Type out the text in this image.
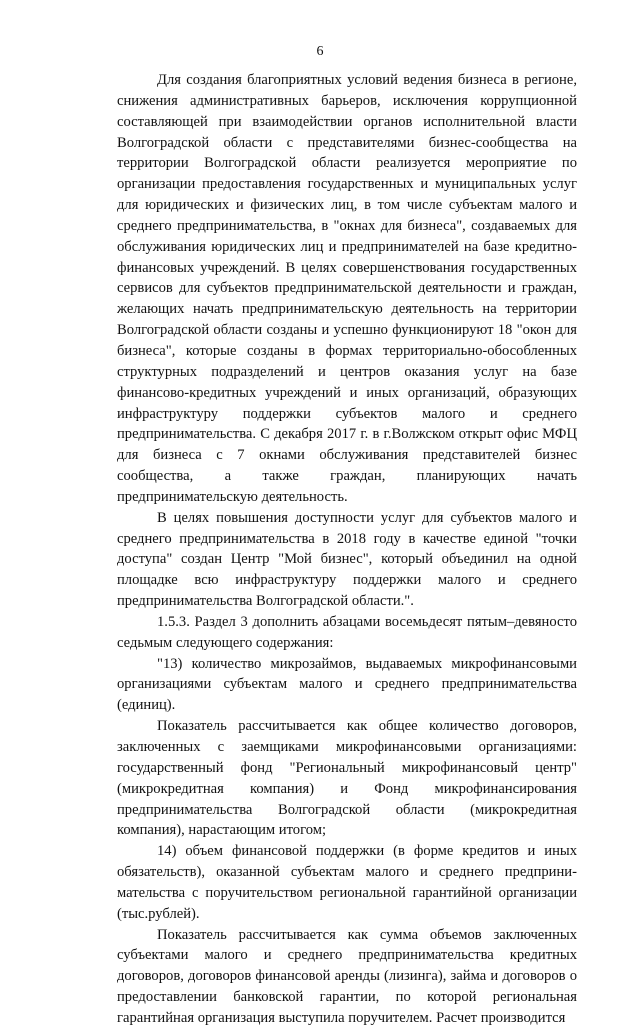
6

Для создания благоприятных условий ведения бизнеса в регионе, снижения административных барьеров, исключения коррупционной составляющей при взаимодействии органов исполнительной власти Волгоградской области с представителями бизнес-сообщества на территории Волгоградской области реализуется мероприятие по организации предоставления государственных и муниципальных услуг для юридических и физических лиц, в том числе субъектам малого и среднего предпринимательства, в "окнах для бизнеса", создаваемых для обслуживания юридических лиц и предпринимателей на базе кредитно-финансовых учреждений. В целях совершенствования государственных сервисов для субъектов предпринимательской деятельности и граждан, желающих начать предпринимательскую деятельность на территории Волгоградской области созданы и успешно функционируют 18 "окон для бизнеса", которые созданы в формах территориально-обособленных структурных подразделений и центров оказания услуг на базе финансово-кредитных учреждений и иных организаций, образующих инфраструктуру поддержки субъектов малого и среднего предпринимательства. С декабря 2017 г. в г.Волжском открыт офис МФЦ для бизнеса с 7 окнами обслуживания представителей бизнес сообщества, а также граждан, планирующих начать предпринимательскую деятельность.

В целях повышения доступности услуг для субъектов малого и среднего предпринимательства в 2018 году в качестве единой "точки доступа" создан Центр "Мой бизнес", который объединил на одной площадке всю инфраструктуру поддержки малого и среднего предпринимательства Волгоградской области.".

1.5.3. Раздел 3 дополнить абзацами восемьдесят пятым–девяносто седьмым следующего содержания:

"13) количество микрозаймов, выдаваемых микрофинансовыми организациями субъектам малого и среднего предпринимательства (единиц).

Показатель рассчитывается как общее количество договоров, заключенных с заемщиками микрофинансовыми организациями: государственный фонд "Региональный микрофинансовый центр" (микрокредитная компания) и Фонд микрофинансирования предпринимательства Волгоградской области (микрокредитная компания), нарастающим итогом;

14) объем финансовой поддержки (в форме кредитов и иных обязательств), оказанной субъектам малого и среднего предпринимательства с поручительством региональной гарантийной организации (тыс.рублей).

Показатель рассчитывается как сумма объемов заключенных субъектами малого и среднего предпринимательства кредитных договоров, договоров финансовой аренды (лизинга), займа и договоров о предоставлении банковской гарантии, по которой региональная гарантийная организация выступила поручителем. Расчет производится
